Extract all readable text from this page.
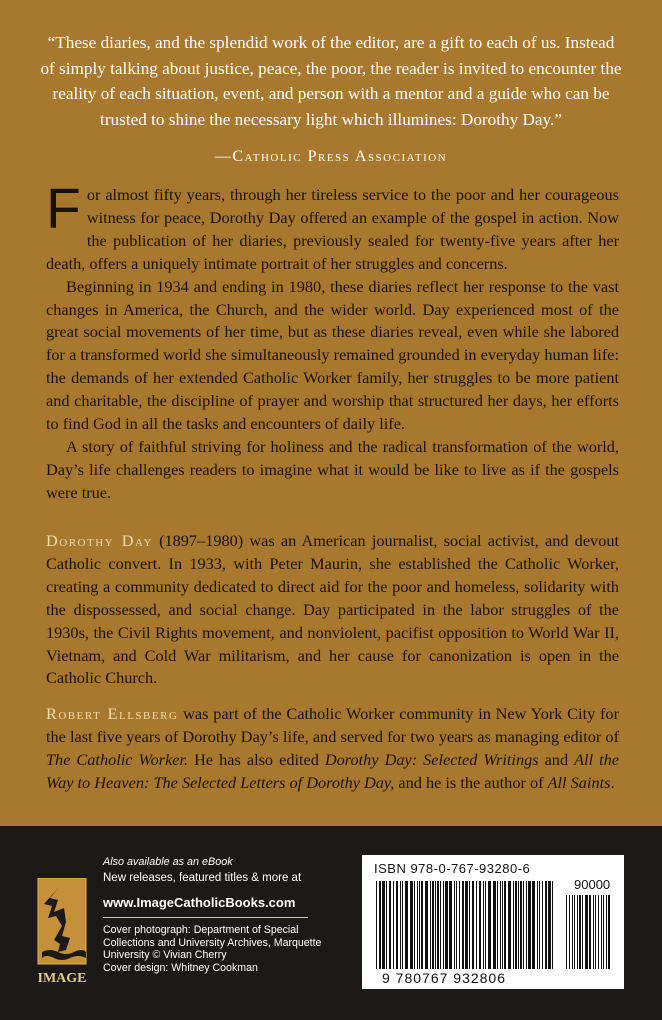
“These diaries, and the splendid work of the editor, are a gift to each of us. Instead of simply talking about justice, peace, the poor, the reader is invited to encounter the reality of each situation, event, and person with a mentor and a guide who can be trusted to shine the necessary light which illumines: Dorothy Day.”
—Catholic Press Association

For almost fifty years, through her tireless service to the poor and her courageous witness for peace, Dorothy Day offered an example of the gospel in action. Now the publication of her diaries, previously sealed for twenty-five years after her death, offers a uniquely intimate portrait of her struggles and concerns.

Beginning in 1934 and ending in 1980, these diaries reflect her response to the vast changes in America, the Church, and the wider world. Day experienced most of the great social movements of her time, but as these diaries reveal, even while she labored for a transformed world she simultaneously remained grounded in everyday human life: the demands of her extended Catholic Worker family, her struggles to be more patient and charitable, the discipline of prayer and worship that structured her days, her efforts to find God in all the tasks and encounters of daily life.

A story of faithful striving for holiness and the radical transformation of the world, Day’s life challenges readers to imagine what it would be like to live as if the gospels were true.

Dorothy Day (1897–1980) was an American journalist, social activist, and devout Catholic convert. In 1933, with Peter Maurin, she established the Catholic Worker, creating a community dedicated to direct aid for the poor and homeless, solidarity with the dispossessed, and social change. Day participated in the labor struggles of the 1930s, the Civil Rights movement, and nonviolent, pacifist opposition to World War II, Vietnam, and Cold War militarism, and her cause for canonization is open in the Catholic Church.
Robert Ellsberg was part of the Catholic Worker community in New York City for the last five years of Dorothy Day’s life, and served for two years as managing editor of The Catholic Worker. He has also edited Dorothy Day: Selected Writings and All the Way to Heaven: The Selected Letters of Dorothy Day, and he is the author of All Saints.
IMAGE
Also available as an eBook
New releases, featured titles & more at
www.ImageCatholicBooks.com
Cover photograph: Department of Special Collections and University Archives, Marquette University © Vivian Cherry
Cover design: Whitney Cookman
ISBN 978-0-767-93280-6
90000
9 780767 932806
